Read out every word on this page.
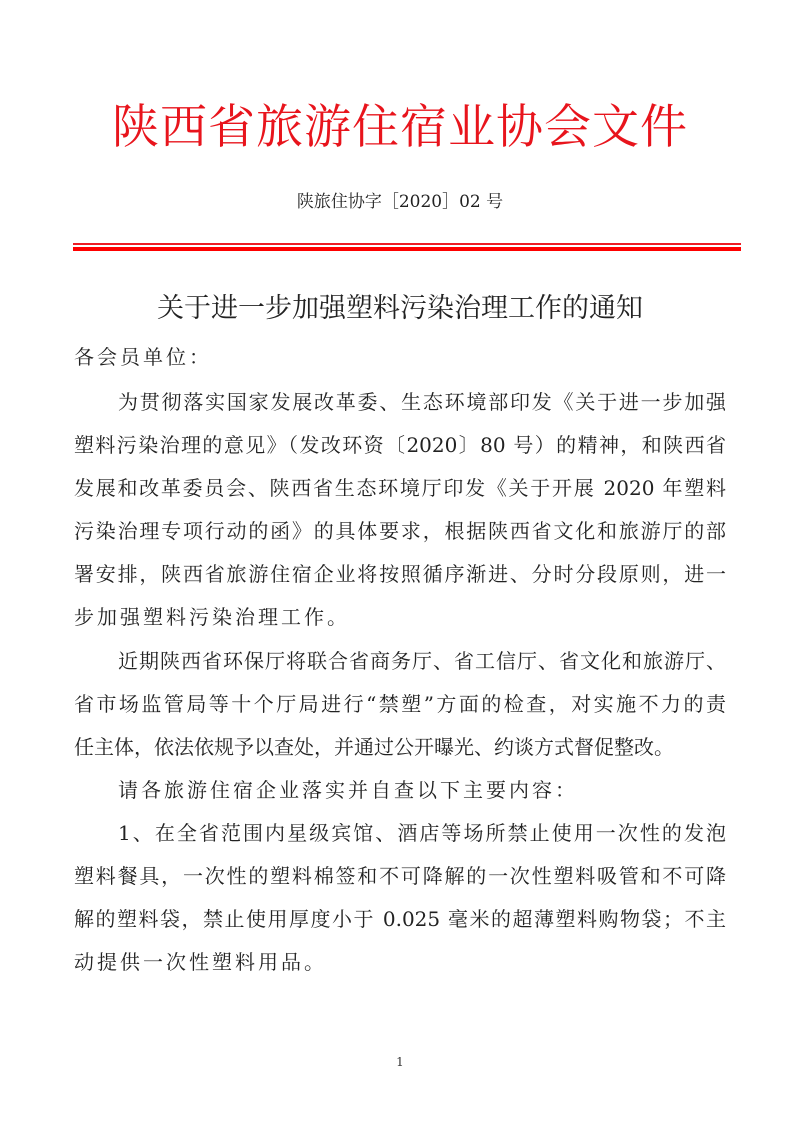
陕西省旅游住宿业协会文件
陕旅住协字［2020］02 号
关于进一步加强塑料污染治理工作的通知
各会员单位：
为贯彻落实国家发展改革委、生态环境部印发《关于进一步加强
塑料污染治理的意见》（发改环资〔2020〕80 号）的精神，和陕西省
发展和改革委员会、陕西省生态环境厅印发《关于开展 2020 年塑料
污染治理专项行动的函》的具体要求，根据陕西省文化和旅游厅的部
署安排，陕西省旅游住宿企业将按照循序渐进、分时分段原则，进一
步加强塑料污染治理工作。
近期陕西省环保厅将联合省商务厅、省工信厅、省文化和旅游厅、
省市场监管局等十个厅局进行“禁塑”方面的检查，对实施不力的责
任主体，依法依规予以查处，并通过公开曝光、约谈方式督促整改。
请各旅游住宿企业落实并自查以下主要内容：
1、在全省范围内星级宾馆、酒店等场所禁止使用一次性的发泡
塑料餐具，一次性的塑料棉签和不可降解的一次性塑料吸管和不可降
解的塑料袋，禁止使用厚度小于 0.025 毫米的超薄塑料购物袋；不主
动提供一次性塑料用品。
1
